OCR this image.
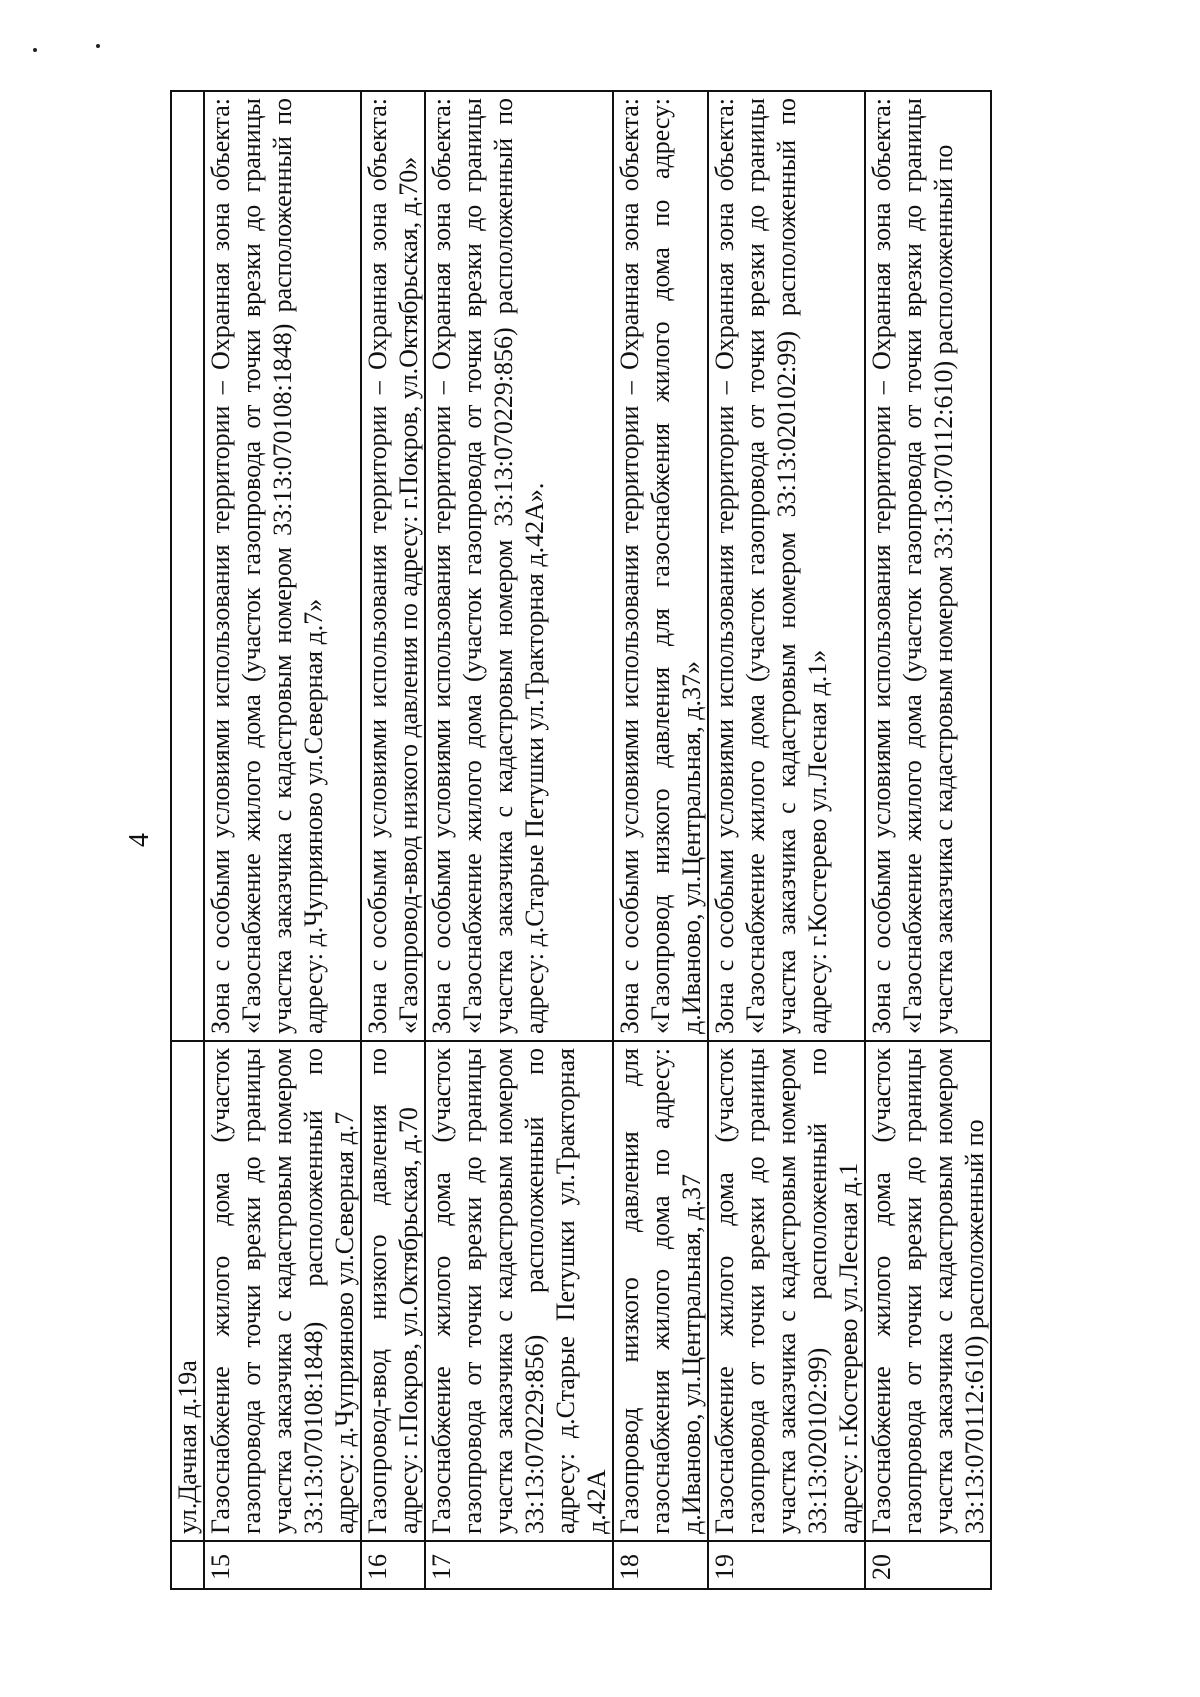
4
	ул.Дачная д.19а	
15	Газоснабжение жилого дома (участок газопровода от точки врезки до границы участка заказчика с кадастровым номером 33:13:070108:1848) расположенный по адресу: д.Чуприяново ул.Северная д.7	Зона с особыми условиями использования территории – Охранная зона объекта: «Газоснабжение жилого дома (участок газопровода от точки врезки до границы участка заказчика с кадастровым номером 33:13:070108:1848) расположенный по адресу: д.Чуприяново ул.Северная д.7»
16	Газопровод-ввод низкого давления по адресу: г.Покров, ул.Октябрьская, д.70	Зона с особыми условиями использования территории – Охранная зона объекта: «Газопровод-ввод низкого давления по адресу: г.Покров, ул.Октябрьская, д.70»
17	Газоснабжение жилого дома (участок газопровода от точки врезки до границы участка заказчика с кадастровым номером 33:13:070229:856) расположенный по адресу: д.Старые Петушки ул.Тракторная д.42А	Зона с особыми условиями использования территории – Охранная зона объекта: «Газоснабжение жилого дома (участок газопровода от точки врезки до границы участка заказчика с кадастровым номером 33:13:070229:856) расположенный по адресу: д.Старые Петушки ул.Тракторная д.42А».
18	Газопровод низкого давления для газоснабжения жилого дома по адресу: д.Иваново, ул.Центральная, д.37	Зона с особыми условиями использования территории – Охранная зона объекта: «Газопровод низкого давления для газоснабжения жилого дома по адресу: д.Иваново, ул.Центральная, д.37»
19	Газоснабжение жилого дома (участок газопровода от точки врезки до границы участка заказчика с кадастровым номером 33:13:020102:99) расположенный по адресу: г.Костерево ул.Лесная д.1	Зона с особыми условиями использования территории – Охранная зона объекта: «Газоснабжение жилого дома (участок газопровода от точки врезки до границы участка заказчика с кадастровым номером 33:13:020102:99) расположенный по адресу: г.Костерево ул.Лесная д.1»
20	Газоснабжение жилого дома (участок газопровода от точки врезки до границы участка заказчика с кадастровым номером 33:13:070112:610) расположенный по	Зона с особыми условиями использования территории – Охранная зона объекта: «Газоснабжение жилого дома (участок газопровода от точки врезки до границы участка заказчика с кадастровым номером 33:13:070112:610) расположенный по
